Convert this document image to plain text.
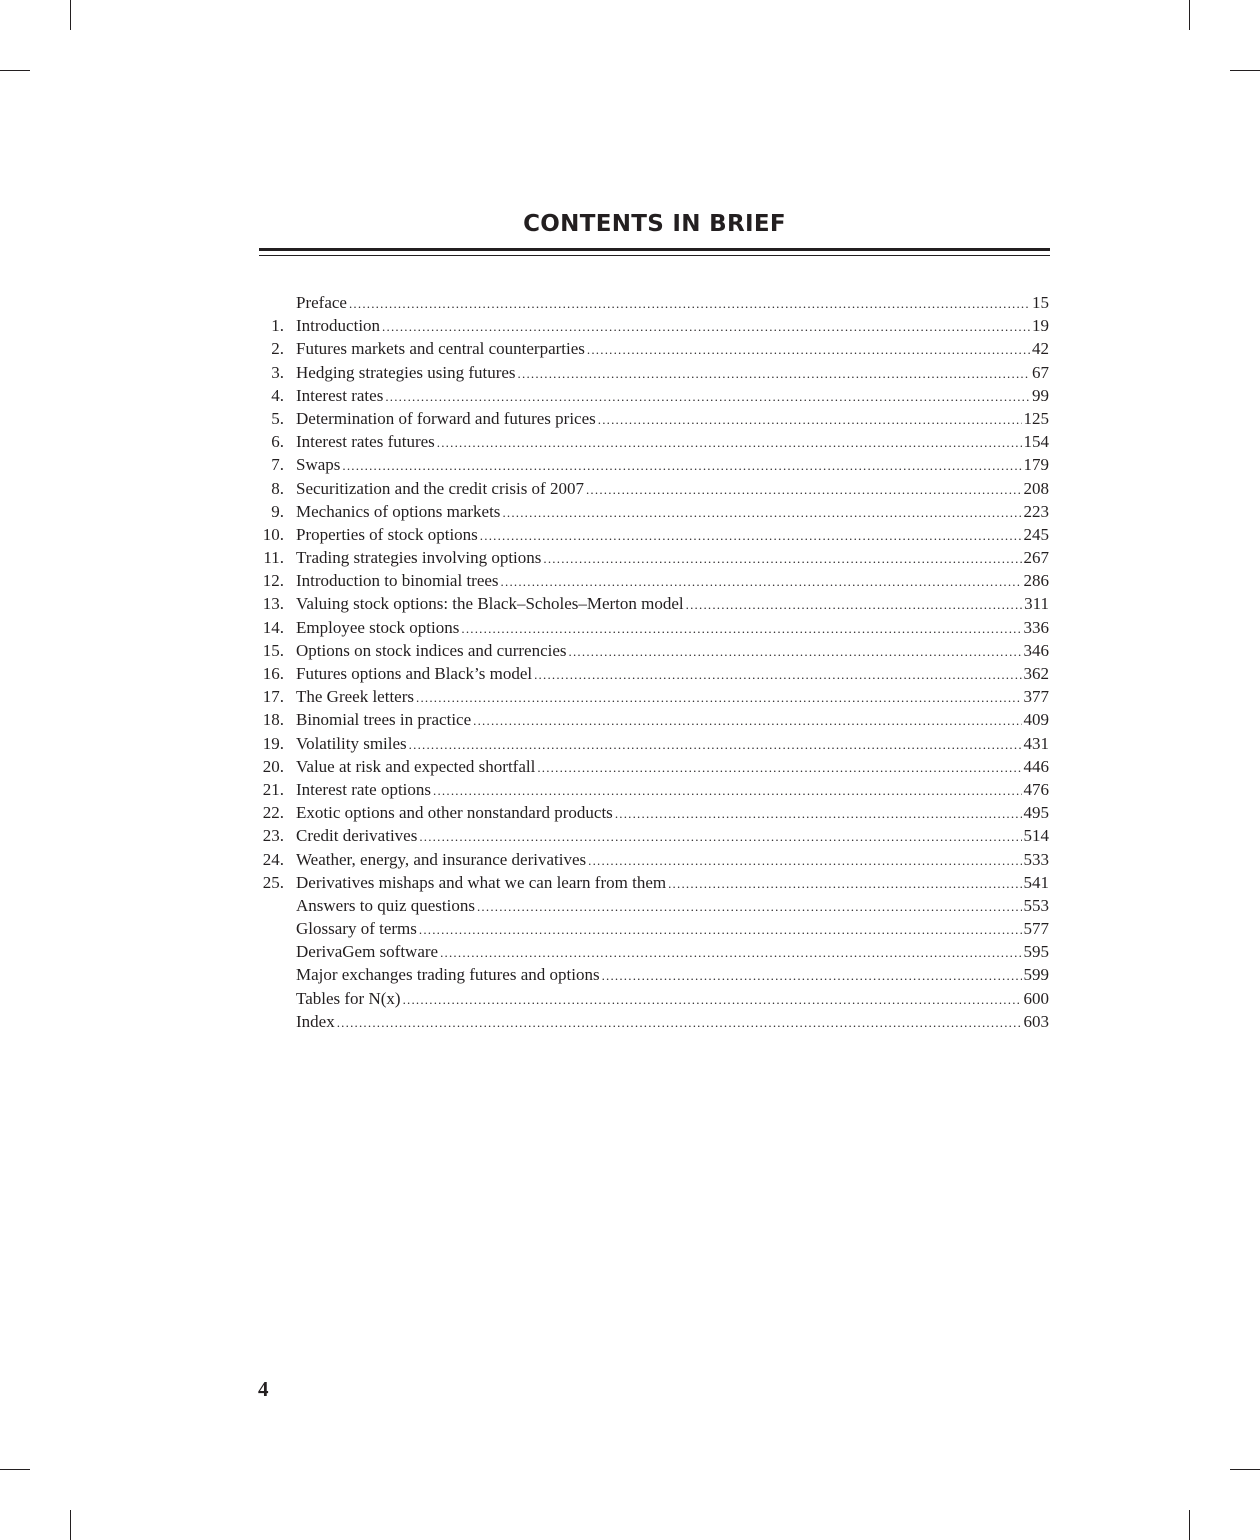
CONTENTS IN BRIEF
Preface .....	15
1. Introduction .....	19
2. Futures markets and central counterparties .....	42
3. Hedging strategies using futures .....	67
4. Interest rates .....	99
5. Determination of forward and futures prices .....	125
6. Interest rates futures .....	154
7. Swaps .....	179
8. Securitization and the credit crisis of 2007 .....	208
9. Mechanics of options markets .....	223
10. Properties of stock options .....	245
11. Trading strategies involving options .....	267
12. Introduction to binomial trees .....	286
13. Valuing stock options: the Black–Scholes–Merton model .....	311
14. Employee stock options .....	336
15. Options on stock indices and currencies .....	346
16. Futures options and Black’s model .....	362
17. The Greek letters .....	377
18. Binomial trees in practice .....	409
19. Volatility smiles .....	431
20. Value at risk and expected shortfall .....	446
21. Interest rate options .....	476
22. Exotic options and other nonstandard products .....	495
23. Credit derivatives .....	514
24. Weather, energy, and insurance derivatives .....	533
25. Derivatives mishaps and what we can learn from them .....	541
Answers to quiz questions .....	553
Glossary of terms .....	577
DerivaGem software .....	595
Major exchanges trading futures and options .....	599
Tables for N(x) .....	600
Index .....	603
4
